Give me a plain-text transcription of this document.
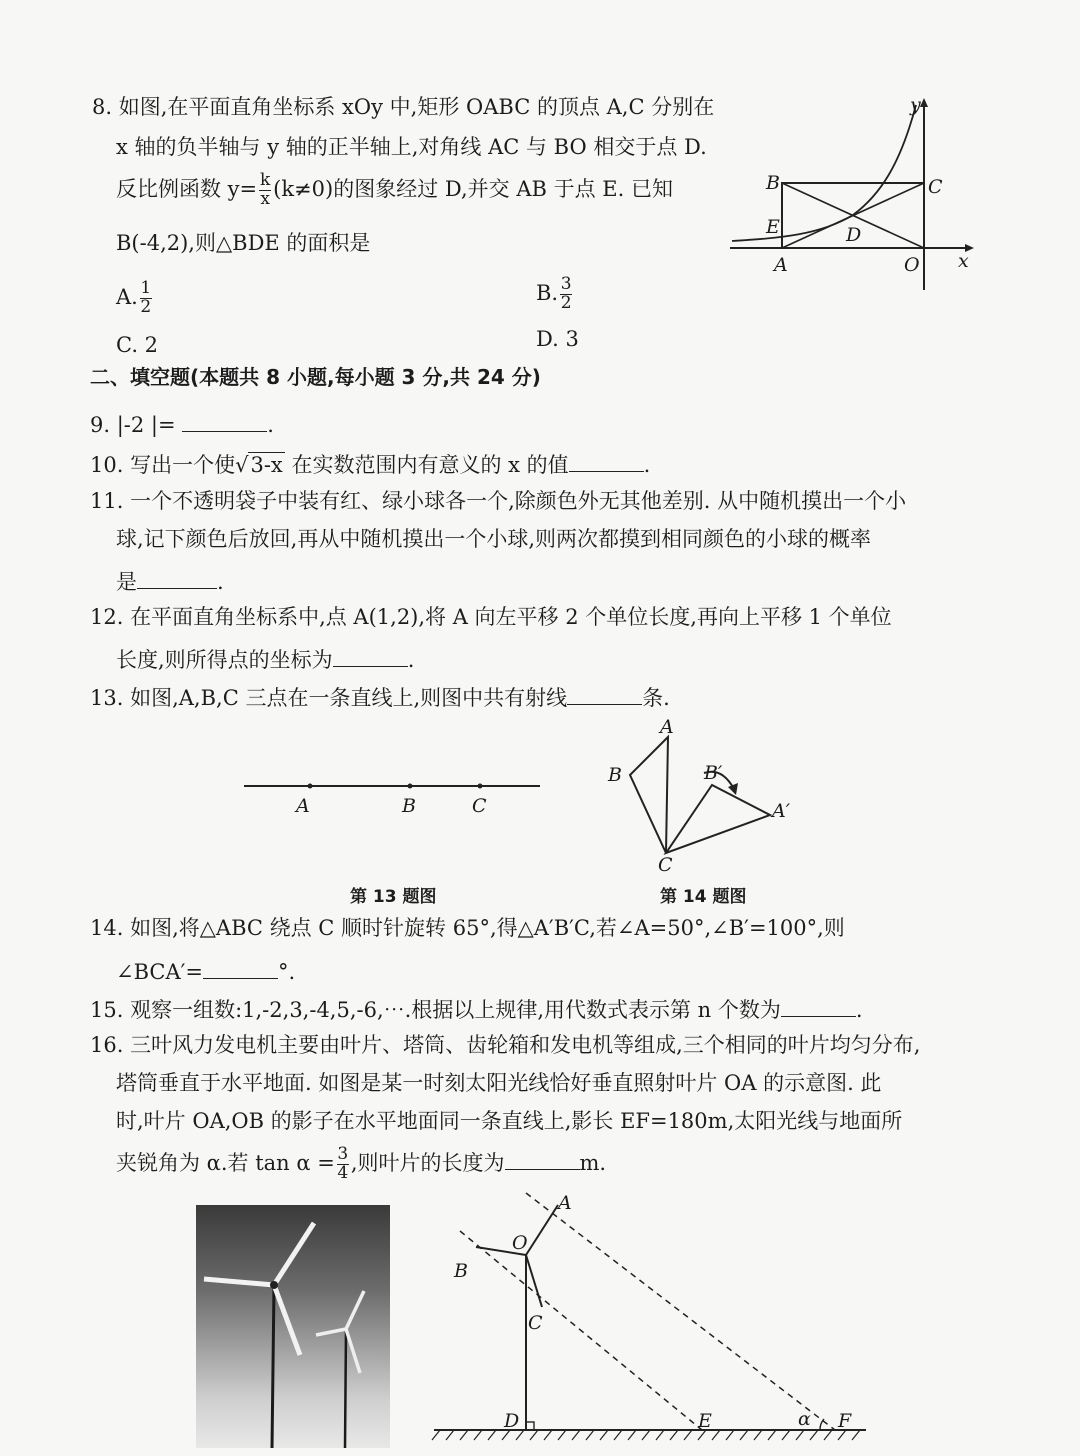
8. 如图,在平面直角坐标系 xOy 中,矩形 OABC 的顶点 A,C 分别在
x 轴的负半轴与 y 轴的正半轴上,对角线 AC 与 BO 相交于点 D.
反比例函数 $y= \frac{k}{x} (k\ne 0)$的图象经过 D,并交 AB 于点 E. 已知
B(-4,2),则△BDE 的面积是
A. $\frac{1}{2}$	B. $\frac{3}{2}$
C. 2	D. 3
y
x
B	C
E	D
A	O
二、填空题(本题共 8 小题,每小题 3 分,共 24 分)
9. |-2 |=	.
10. 写出一个使√3-x 在实数范围内有意义的 x 的值	.
11. 一个不透明袋子中装有红、绿小球各一个,除颜色外无其他差别. 从中随机摸出一个小
球,记下颜色后放回,再从中随机摸出一个小球,则两次都摸到相同颜色的小球的概率
是	.
12. 在平面直角坐标系中,点 A(1,2),将 A 向左平移 2 个单位长度,再向上平移 1 个单位
长度,则所得点的坐标为	.
13. 如图,A,B,C 三点在一条直线上,则图中共有射线	条.
A	B	C
第 13 题图
A
B	B′
A′
C
第 14 题图
14. 如图,将△ABC 绕点 C 顺时针旋转 65°,得△A′B′C,若∠A=50°,∠B′=100°,则
∠BCA′=	°.
15. 观察一组数:1,-2,3,-4,5,-6,⋯.根据以上规律,用代数式表示第 n 个数为	.
16. 三叶风力发电机主要由叶片、塔筒、齿轮箱和发电机等组成,三个相同的叶片均匀分布,
塔筒垂直于水平地面. 如图是某一时刻太阳光线恰好垂直照射叶片 OA 的示意图. 此
时,叶片 OA,OB 的影子在水平地面同一条直线上,影长 EF=180m,太阳光线与地面所
夹锐角为 α.若 $\tan \alpha = \frac{3}{4}$ ,则叶片的长度为	m.
A
O
B
C
D	E	α F
